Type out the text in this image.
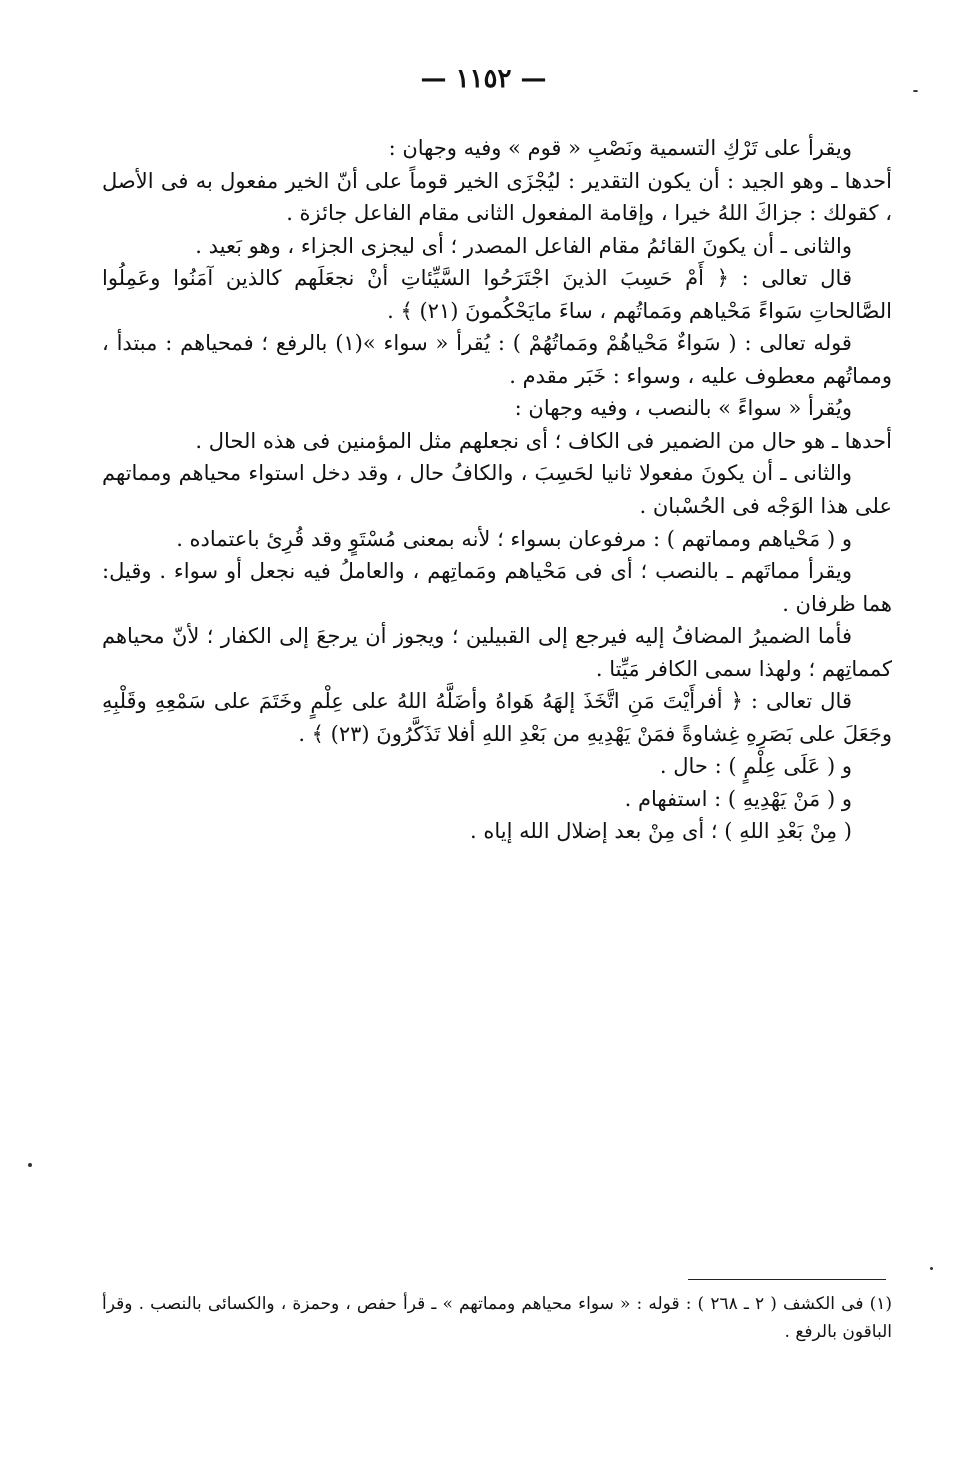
— ١١٥٢ —

ويقرأ على تَرْكِ التسمية ونَصْبِ « قوم » وفيه وجهان :

أحدها ـ وهو الجيد : أن يكون التقدير : ليُجْزَى الخير قوماً على أنّ الخير مفعول به فى الأصل ، كقولك : جزاكَ اللهُ خيرا ، وإقامة المفعول الثانى مقام الفاعل جائزة .

والثانى ـ أن يكونَ القائمُ مقام الفاعل المصدر ؛ أى ليجزى الجزاء ، وهو بَعيد .

قال تعالى : ﴿ أَمْ حَسِبَ الذينَ اجْتَرَحُوا السَّيِّئاتِ أنْ نجعَلَهم كالذين آمَنُوا وعَمِلُوا الصَّالحاتِ سَواءً مَحْياهم ومَماتُهم ، ساءَ مايَحْكُمونَ (٢١) ﴾ .

قوله تعالى : ( سَواءٌ مَحْياهُمْ ومَماتُهُمْ ) : يُقرأ « سواء »(١) بالرفع ؛ فمحياهم : مبتدأ ، ومماتُهم معطوف عليه ، وسواء : خَبَر مقدم .

ويُقرأ « سواءً » بالنصب ، وفيه وجهان :

أحدها ـ هو حال من الضمير فى الكاف ؛ أى نجعلهم مثل المؤمنين فى هذه الحال .

والثانى ـ أن يكونَ مفعولا ثانيا لحَسِبَ ، والكافُ حال ، وقد دخل استواء محياهم ومماتهم على هذا الوَجْه فى الحُسْبان .

و ( مَحْياهم ومماتهم ) : مرفوعان بسواء ؛ لأنه بمعنى مُسْتَوٍ وقد قُرِئ باعتماده .

ويقرأ مماتَهم ـ بالنصب ؛ أى فى مَحْياهم ومَماتِهم ، والعاملُ فيه نجعل أو سواء . وقيل: هما ظرفان .

فأما الضميرُ المضافُ إليه فيرجع إلى القبيلين ؛ ويجوز أن يرجعَ إلى الكفار ؛ لأنّ محياهم كمماتِهم ؛ ولهذا سمى الكافر مَيِّتا .

قال تعالى : ﴿ أفرأَيْتَ مَنِ اتَّخَذَ إلهَهُ هَواهُ وأضَلَّهُ اللهُ على عِلْمٍ وخَتَمَ على سَمْعِهِ وقَلْبِهِ وجَعَلَ على بَصَرِهِ غِشاوةً فمَنْ يَهْدِيهِ من بَعْدِ اللهِ أفلا تَذَكَّرُونَ (٢٣) ﴾ .

و ( عَلَى عِلْمٍ ) : حال .

و ( مَنْ يَهْدِيهِ ) : استفهام .

( مِنْ بَعْدِ اللهِ ) ؛ أى مِنْ بعد إضلال الله إياه .

(١) فى الكشف ( ٢ ـ ٢٦٨ ) : قوله : « سواء محياهم ومماتهم » ـ قرأ حفص ، وحمزة ، والكسائى بالنصب . وقرأ الباقون بالرفع .
